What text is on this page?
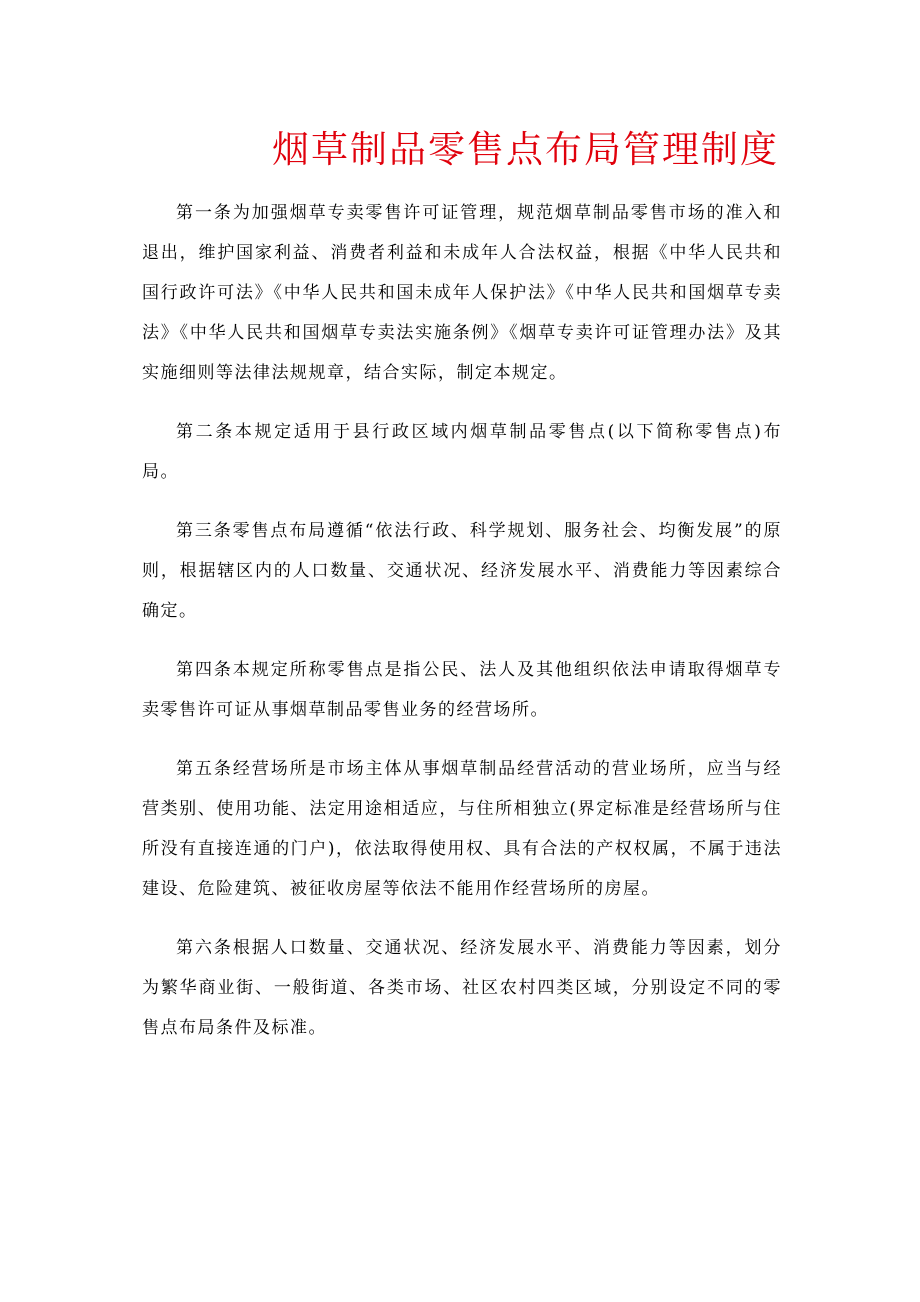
烟草制品零售点布局管理制度

第一条为加强烟草专卖零售许可证管理，规范烟草制品零售市场的准入和退出，维护国家利益、消费者利益和未成年人合法权益，根据《中华人民共和国行政许可法》《中华人民共和国未成年人保护法》《中华人民共和国烟草专卖法》《中华人民共和国烟草专卖法实施条例》《烟草专卖许可证管理办法》及其实施细则等法律法规规章，结合实际，制定本规定。

第二条本规定适用于县行政区域内烟草制品零售点(以下简称零售点)布局。

第三条零售点布局遵循“依法行政、科学规划、服务社会、均衡发展”的原则，根据辖区内的人口数量、交通状况、经济发展水平、消费能力等因素综合确定。

第四条本规定所称零售点是指公民、法人及其他组织依法申请取得烟草专卖零售许可证从事烟草制品零售业务的经营场所。

第五条经营场所是市场主体从事烟草制品经营活动的营业场所，应当与经营类别、使用功能、法定用途相适应，与住所相独立(界定标准是经营场所与住所没有直接连通的门户)，依法取得使用权、具有合法的产权权属，不属于违法建设、危险建筑、被征收房屋等依法不能用作经营场所的房屋。

第六条根据人口数量、交通状况、经济发展水平、消费能力等因素，划分为繁华商业街、一般街道、各类市场、社区农村四类区域，分别设定不同的零售点布局条件及标准。
